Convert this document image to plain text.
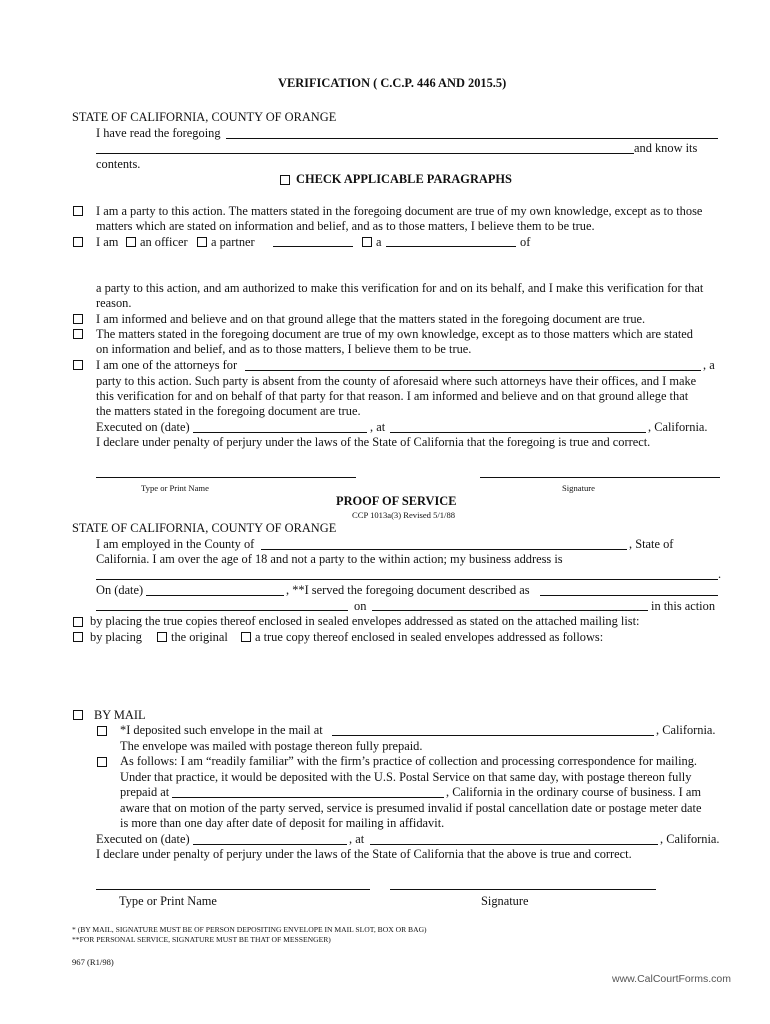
VERIFICATION ( C.C.P. 446 AND 2015.5)
STATE OF CALIFORNIA, COUNTY OF ORANGE
I have read the foregoing
and know its
contents.
CHECK APPLICABLE PARAGRAPHS
I am a party to this action. The matters stated in the foregoing document are true of my own knowledge, except as to those
matters which are stated on information and belief, and as to those matters, I believe them to be true.
I am an officer a partner	a	of
a party to this action, and am authorized to make this verification for and on its behalf, and I make this verification for that
reason.
I am informed and believe and on that ground allege that the matters stated in the foregoing document are true.
The matters stated in the foregoing document are true of my own knowledge, except as to those matters which are stated
on information and belief, and as to those matters, I believe them to be true.
I am one of the attorneys for	, a
party to this action. Such party is absent from the county of aforesaid where such attorneys have their offices, and I make
this verification for and on behalf of that party for that reason. I am informed and believe and on that ground allege that
the matters stated in the foregoing document are true.
Executed on (date)	, at	, California.
I declare under penalty of perjury under the laws of the State of California that the foregoing is true and correct.
Type or Print Name	Signature
PROOF OF SERVICE
CCP 1013a(3) Revised 5/1/88
STATE OF CALIFORNIA, COUNTY OF ORANGE
I am employed in the County of	, State of
California. I am over the age of 18 and not a party to the within action; my business address is
.
On (date)	, **I served the foregoing document described as
on	in this action
by placing the true copies thereof enclosed in sealed envelopes addressed as stated on the attached mailing list:
by placing the original a true copy thereof enclosed in sealed envelopes addressed as follows:
BY MAIL
*I deposited such envelope in the mail at	, California.
The envelope was mailed with postage thereon fully prepaid.
As follows: I am “readily familiar” with the firm’s practice of collection and processing correspondence for mailing.
Under that practice, it would be deposited with the U.S. Postal Service on that same day, with postage thereon fully
prepaid at	, California in the ordinary course of business. I am
aware that on motion of the party served, service is presumed invalid if postal cancellation date or postage meter date
is more than one day after date of deposit for mailing in affidavit.
Executed on (date)	, at	, California.
I declare under penalty of perjury under the laws of the State of California that the above is true and correct.
Type or Print Name	Signature
* (BY MAIL, SIGNATURE MUST BE OF PERSON DEPOSITING ENVELOPE IN MAIL SLOT, BOX OR BAG)
**FOR PERSONAL SERVICE, SIGNATURE MUST BE THAT OF MESSENGER)
967 (R1/98)
www.CalCourtForms.com
